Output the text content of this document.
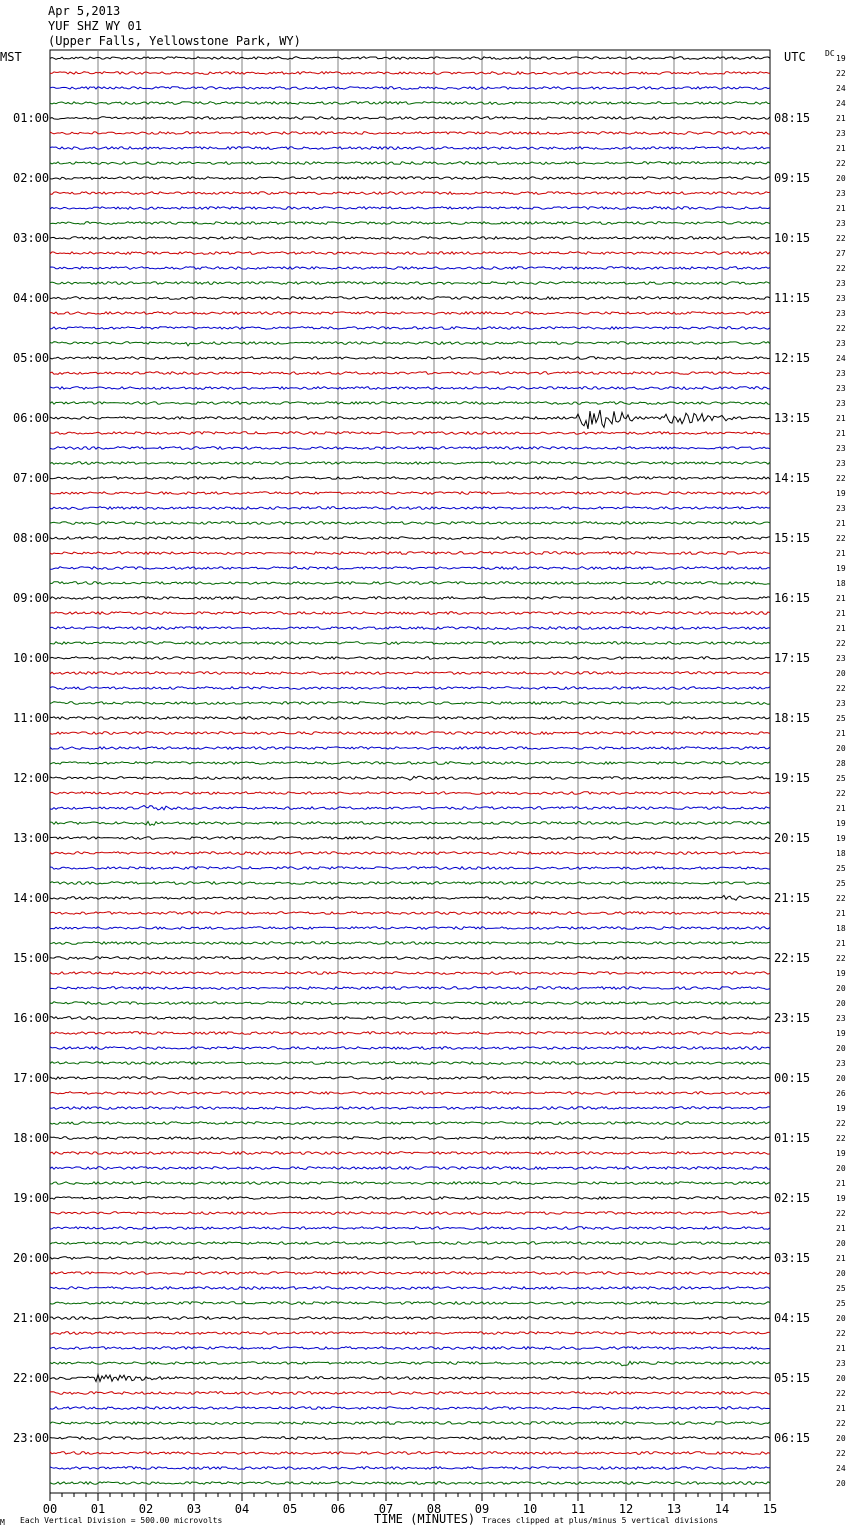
Apr 5,2013
YUF SHZ WY 01
(Upper Falls, Yellowstone Park, WY)
MST	UTC
01:00
02:00
03:00
04:00
05:00
06:00
07:00
08:00
09:00
10:00
11:00
12:00
13:00
14:00
15:00
16:00
17:00
18:00
19:00
20:00
21:00
22:00
23:00
08:15
09:15
10:15
11:15
12:15
13:15
14:15
15:15
16:15
17:15
18:15
19:15
20:15
21:15
22:15
23:15
00:15
01:15
02:15
03:15
04:15
05:15
06:15
DC
19
22
24
24
21
23
21
22
20
23
21
23
22
27
22
23
23
23
22
23
24
23
23
23
21
21
23
23
22
19
23
21
22
21
19
18
21
21
21
22
23
20
22
23
25
21
20
28
25
22
21
19
19
18
25
25
22
21
18
21
22
19
20
20
23
19
20
23
20
26
19
22
22
19
20
21
19
22
21
20
21
20
25
25
20
22
21
23
20
22
21
22
20
22
24
20
00	01	02	03	04	05	06	07	08	09	10	11	12	13	14	15
M Each Vertical Division = 500.00 microvolts	TIME (MINUTES) Traces clipped at plus/minus 5 vertical divisions
